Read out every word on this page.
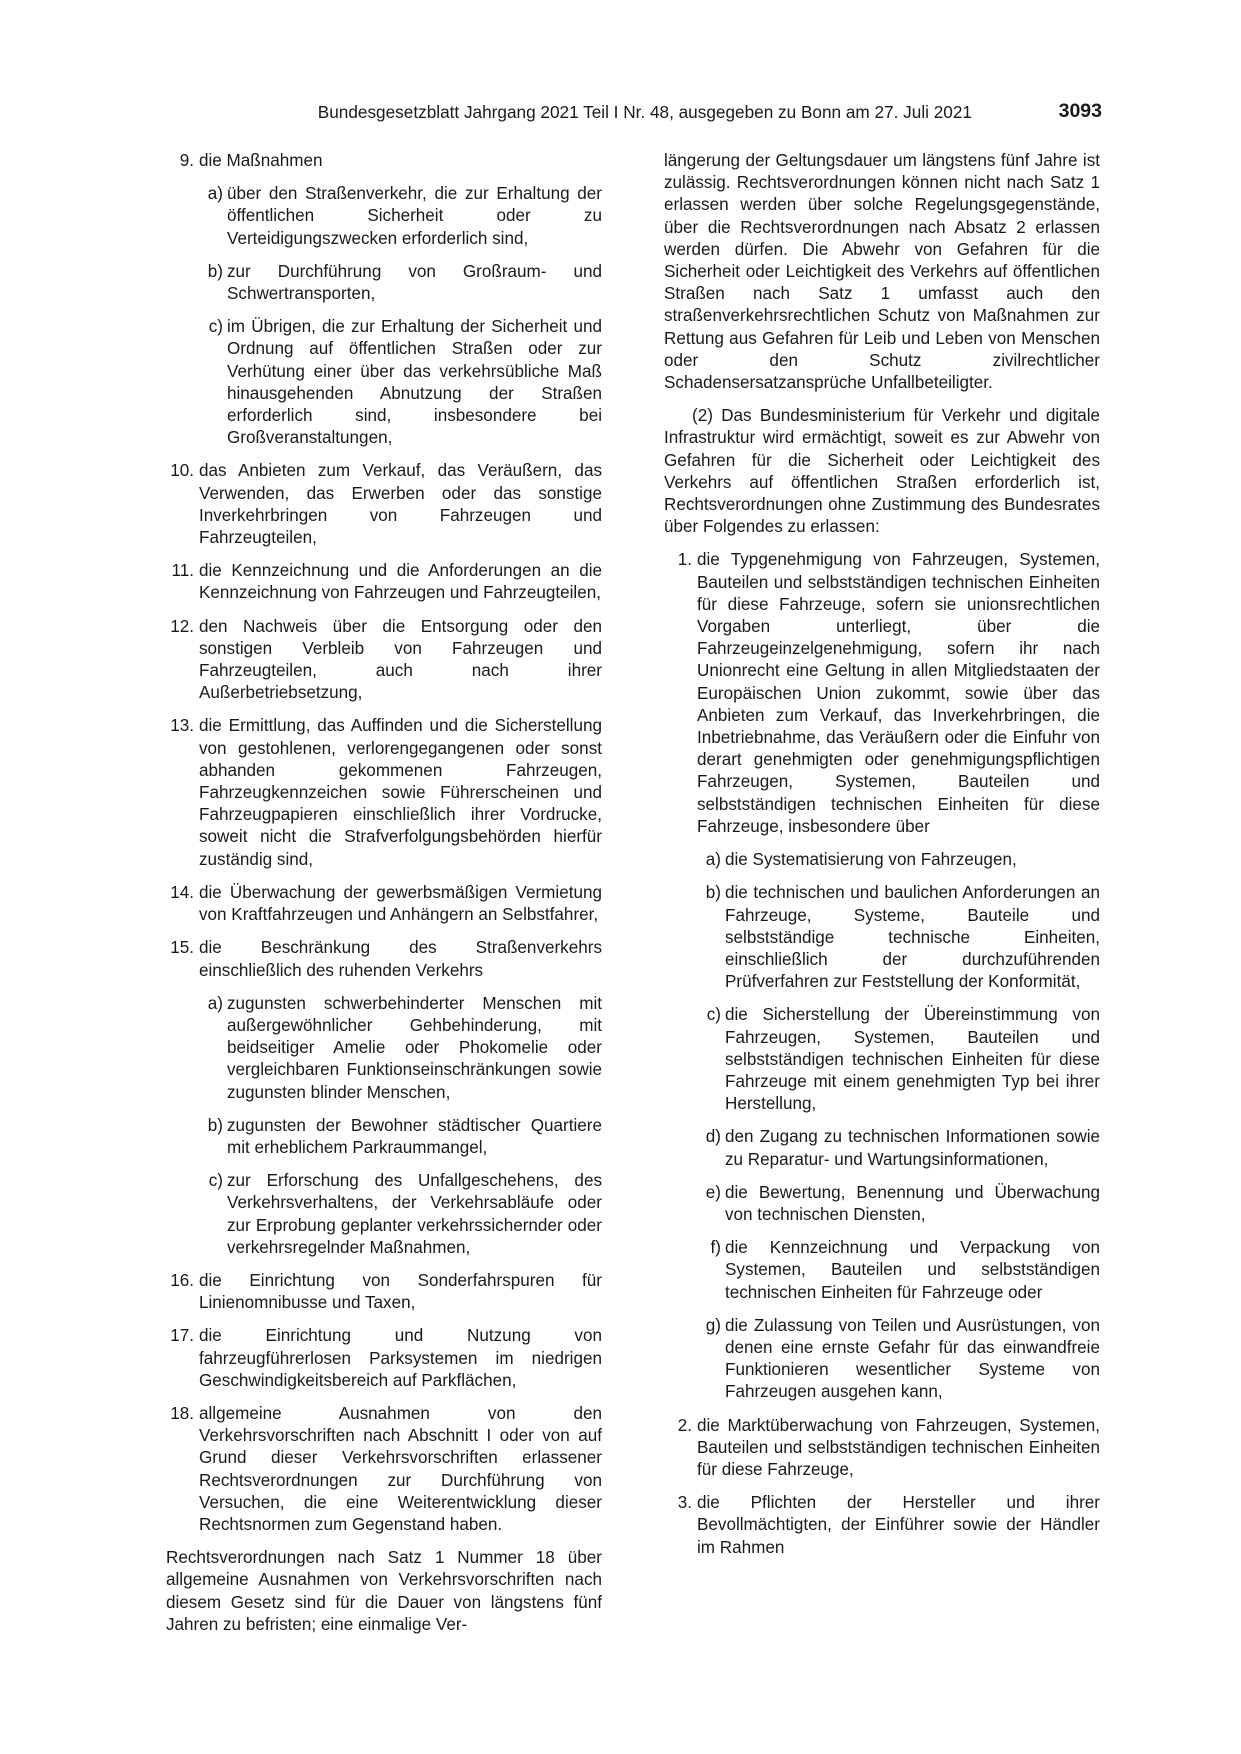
Bundesgesetzblatt Jahrgang 2021 Teil I Nr. 48, ausgegeben zu Bonn am 27. Juli 2021	3093
9. die Maßnahmen
a) über den Straßenverkehr, die zur Erhaltung der öffentlichen Sicherheit oder zu Verteidigungszwecken erforderlich sind,
b) zur Durchführung von Großraum- und Schwertransporten,
c) im Übrigen, die zur Erhaltung der Sicherheit und Ordnung auf öffentlichen Straßen oder zur Verhütung einer über das verkehrsübliche Maß hinausgehenden Abnutzung der Straßen erforderlich sind, insbesondere bei Großveranstaltungen,
10. das Anbieten zum Verkauf, das Veräußern, das Verwenden, das Erwerben oder das sonstige Inverkehrbringen von Fahrzeugen und Fahrzeugteilen,
11. die Kennzeichnung und die Anforderungen an die Kennzeichnung von Fahrzeugen und Fahrzeugteilen,
12. den Nachweis über die Entsorgung oder den sonstigen Verbleib von Fahrzeugen und Fahrzeugteilen, auch nach ihrer Außerbetriebsetzung,
13. die Ermittlung, das Auffinden und die Sicherstellung von gestohlenen, verlorengegangenen oder sonst abhanden gekommenen Fahrzeugen, Fahrzeugkennzeichen sowie Führerscheinen und Fahrzeugpapieren einschließlich ihrer Vordrucke, soweit nicht die Strafverfolgungsbehörden hierfür zuständig sind,
14. die Überwachung der gewerbsmäßigen Vermietung von Kraftfahrzeugen und Anhängern an Selbstfahrer,
15. die Beschränkung des Straßenverkehrs einschließlich des ruhenden Verkehrs
a) zugunsten schwerbehinderter Menschen mit außergewöhnlicher Gehbehinderung, mit beidseitiger Amelie oder Phokomelie oder vergleichbaren Funktionseinschränkungen sowie zugunsten blinder Menschen,
b) zugunsten der Bewohner städtischer Quartiere mit erheblichem Parkraummangel,
c) zur Erforschung des Unfallgeschehens, des Verkehrsverhaltens, der Verkehrsabläufe oder zur Erprobung geplanter verkehrssichernder oder verkehrsregelnder Maßnahmen,
16. die Einrichtung von Sonderfahrspuren für Linienomnibusse und Taxen,
17. die Einrichtung und Nutzung von fahrzeugführerlosen Parksystemen im niedrigen Geschwindigkeitsbereich auf Parkflächen,
18. allgemeine Ausnahmen von den Verkehrsvorschriften nach Abschnitt I oder von auf Grund dieser Verkehrsvorschriften erlassener Rechtsverordnungen zur Durchführung von Versuchen, die eine Weiterentwicklung dieser Rechtsnormen zum Gegenstand haben.

Rechtsverordnungen nach Satz 1 Nummer 18 über allgemeine Ausnahmen von Verkehrsvorschriften nach diesem Gesetz sind für die Dauer von längstens fünf Jahren zu befristen; eine einmalige Ver-

längerung der Geltungsdauer um längstens fünf Jahre ist zulässig. Rechtsverordnungen können nicht nach Satz 1 erlassen werden über solche Regelungsgegenstände, über die Rechtsverordnungen nach Absatz 2 erlassen werden dürfen. Die Abwehr von Gefahren für die Sicherheit oder Leichtigkeit des Verkehrs auf öffentlichen Straßen nach Satz 1 umfasst auch den straßenverkehrsrechtlichen Schutz von Maßnahmen zur Rettung aus Gefahren für Leib und Leben von Menschen oder den Schutz zivilrechtlicher Schadensersatzansprüche Unfallbeteiligter.

(2) Das Bundesministerium für Verkehr und digitale Infrastruktur wird ermächtigt, soweit es zur Abwehr von Gefahren für die Sicherheit oder Leichtigkeit des Verkehrs auf öffentlichen Straßen erforderlich ist, Rechtsverordnungen ohne Zustimmung des Bundesrates über Folgendes zu erlassen:

1. die Typgenehmigung von Fahrzeugen, Systemen, Bauteilen und selbstständigen technischen Einheiten für diese Fahrzeuge, sofern sie unionsrechtlichen Vorgaben unterliegt, über die Fahrzeugeinzelgenehmigung, sofern ihr nach Unionrecht eine Geltung in allen Mitgliedstaaten der Europäischen Union zukommt, sowie über das Anbieten zum Verkauf, das Inverkehrbringen, die Inbetriebnahme, das Veräußern oder die Einfuhr von derart genehmigten oder genehmigungspflichtigen Fahrzeugen, Systemen, Bauteilen und selbstständigen technischen Einheiten für diese Fahrzeuge, insbesondere über
a) die Systematisierung von Fahrzeugen,
b) die technischen und baulichen Anforderungen an Fahrzeuge, Systeme, Bauteile und selbstständige technische Einheiten, einschließlich der durchzuführenden Prüfverfahren zur Feststellung der Konformität,
c) die Sicherstellung der Übereinstimmung von Fahrzeugen, Systemen, Bauteilen und selbstständigen technischen Einheiten für diese Fahrzeuge mit einem genehmigten Typ bei ihrer Herstellung,
d) den Zugang zu technischen Informationen sowie zu Reparatur- und Wartungsinformationen,
e) die Bewertung, Benennung und Überwachung von technischen Diensten,
f) die Kennzeichnung und Verpackung von Systemen, Bauteilen und selbstständigen technischen Einheiten für Fahrzeuge oder
g) die Zulassung von Teilen und Ausrüstungen, von denen eine ernste Gefahr für das einwandfreie Funktionieren wesentlicher Systeme von Fahrzeugen ausgehen kann,
2. die Marktüberwachung von Fahrzeugen, Systemen, Bauteilen und selbstständigen technischen Einheiten für diese Fahrzeuge,
3. die Pflichten der Hersteller und ihrer Bevollmächtigten, der Einführer sowie der Händler im Rahmen
